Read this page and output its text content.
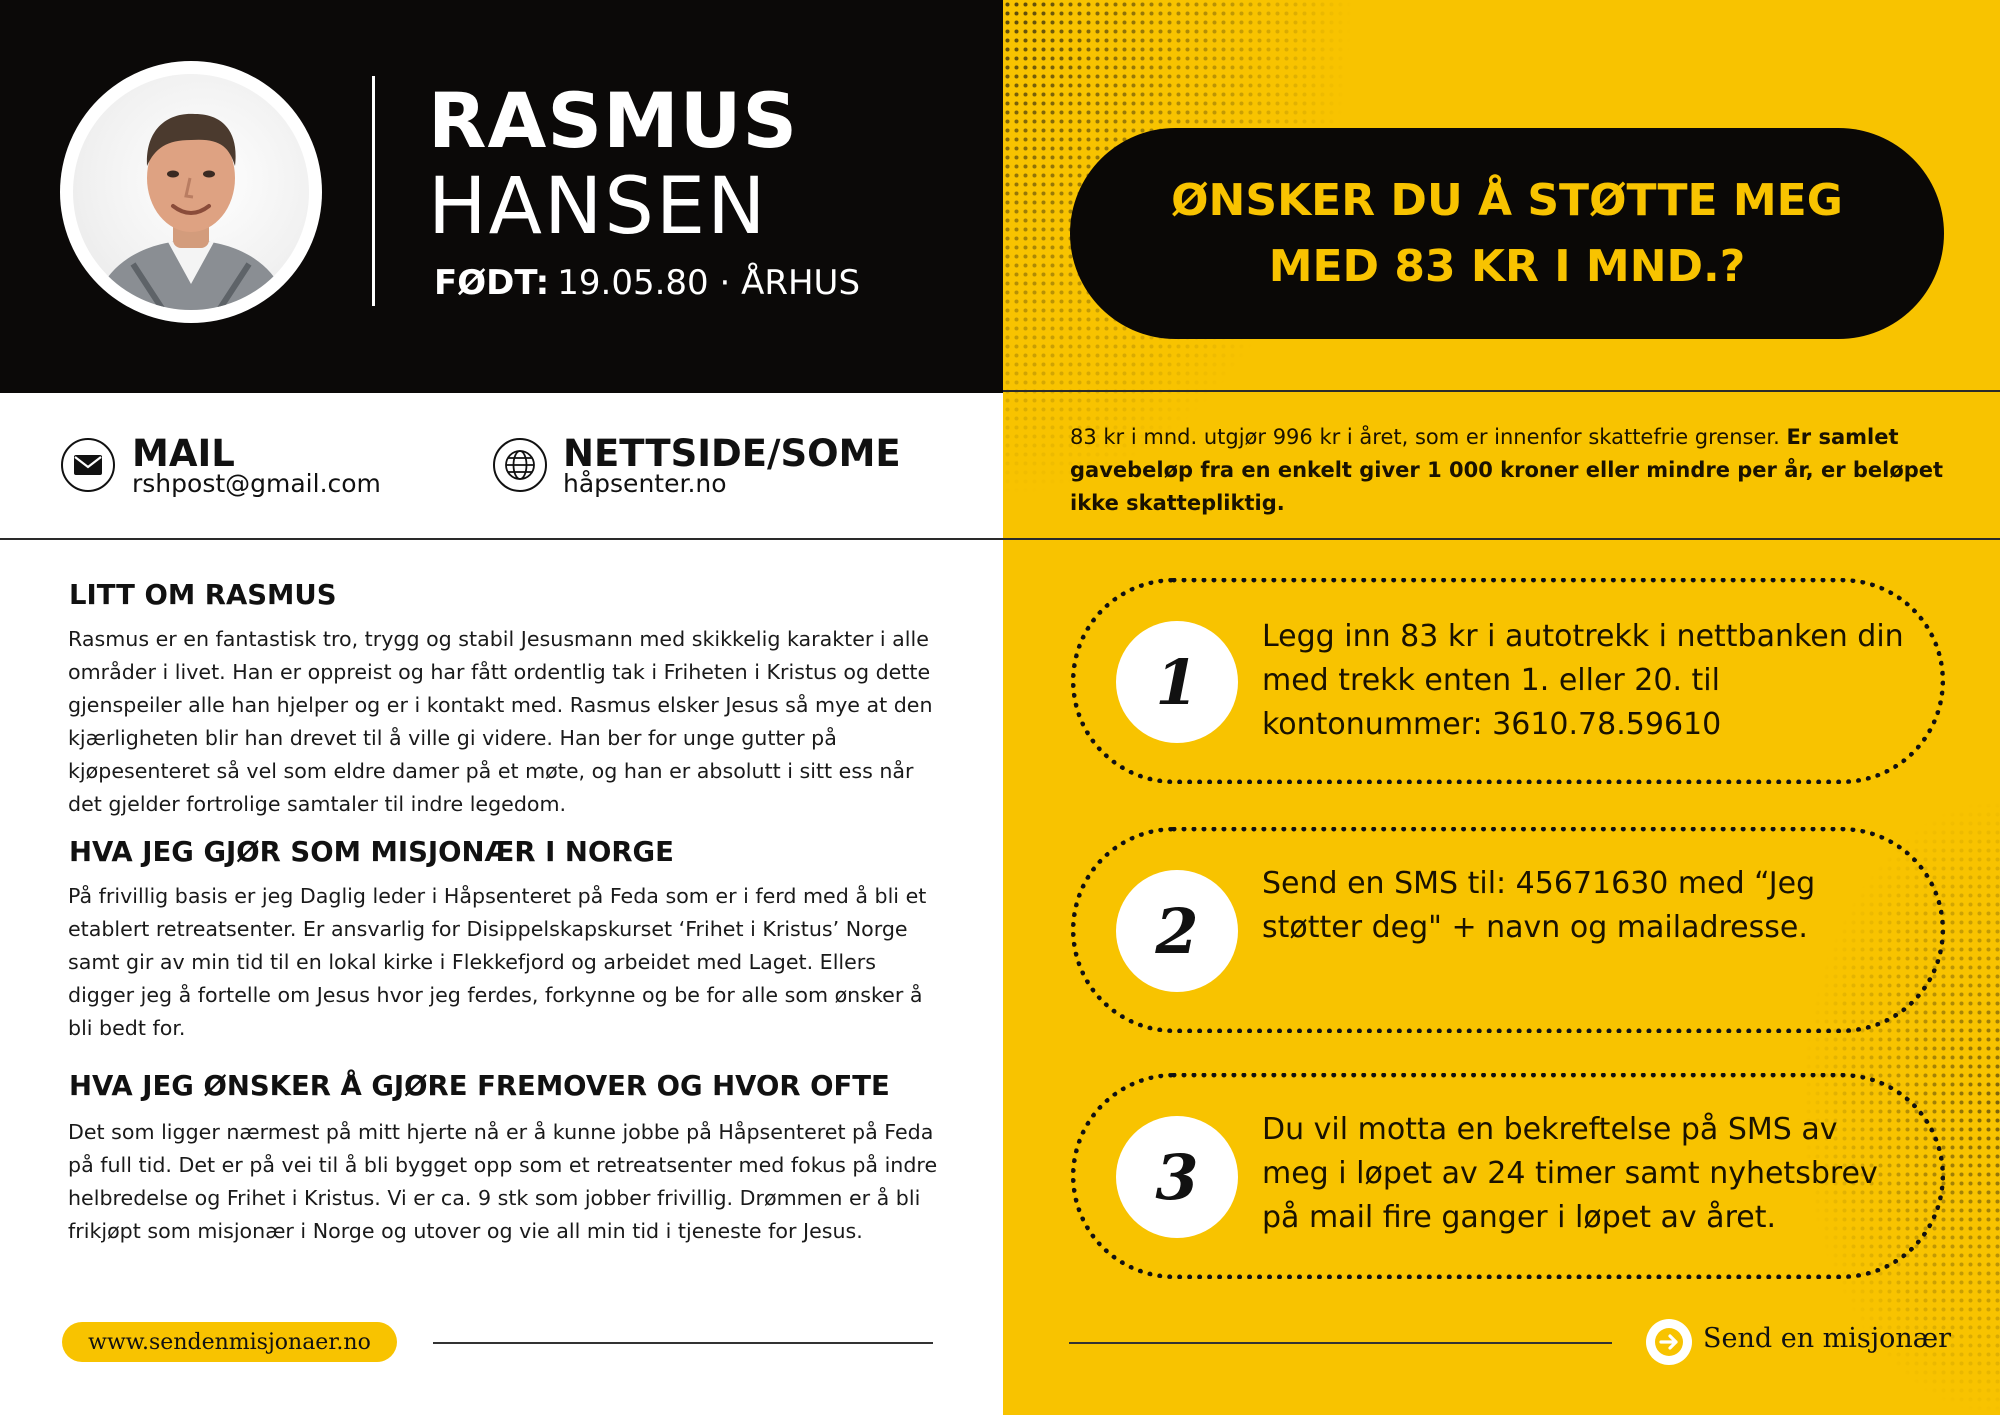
RASMUS
HANSEN
FØDT: 19.05.80 · ÅRHUS
MAIL
rshpost@gmail.com
NETTSIDE/SOME
håpsenter.no
LITT OM RASMUS
Rasmus er en fantastisk tro, trygg og stabil Jesusmann med skikkelig karakter i alle områder i livet. Han er oppreist og har fått ordentlig tak i Friheten i Kristus og dette gjenspeiler alle han hjelper og er i kontakt med. Rasmus elsker Jesus så mye at den kjærligheten blir han drevet til å ville gi videre. Han ber for unge gutter på kjøpesenteret så vel som eldre damer på et møte, og han er absolutt i sitt ess når det gjelder fortrolige samtaler til indre legedom.
HVA JEG GJØR SOM MISJONÆR I NORGE
På frivillig basis er jeg Daglig leder i Håpsenteret på Feda som er i ferd med å bli et etablert retreatsenter. Er ansvarlig for Disippelskapskurset ‘Frihet i Kristus’ Norge samt gir av min tid til en lokal kirke i Flekkefjord og arbeidet med Laget. Ellers digger jeg å fortelle om Jesus hvor jeg ferdes, forkynne og be for alle som ønsker å bli bedt for.
HVA JEG ØNSKER Å GJØRE FREMOVER OG HVOR OFTE
Det som ligger nærmest på mitt hjerte nå er å kunne jobbe på Håpsenteret på Feda på full tid. Det er på vei til å bli bygget opp som et retreatsenter med fokus på indre helbredelse og Frihet i Kristus. Vi er ca. 9 stk som jobber frivillig. Drømmen er å bli frikjøpt som misjonær i Norge og utover og vie all min tid i tjeneste for Jesus.
www.sendenmisjonaer.no
ØNSKER DU Å STØTTE MEG MED 83 KR I MND.?
83 kr i mnd. utgjør 996 kr i året, som er innenfor skattefrie grenser. Er samlet gavebeløp fra en enkelt giver 1 000 kroner eller mindre per år, er beløpet ikke skattepliktig.
1
Legg inn 83 kr i autotrekk i nettbanken din med trekk enten 1. eller 20. til kontonummer: 3610.78.59610
2
Send en SMS til: 45671630 med “Jeg støtter deg" + navn og mailadresse.
3
Du vil motta en bekreftelse på SMS av meg i løpet av 24 timer samt nyhetsbrev på mail fire ganger i løpet av året.
Send en misjonær
